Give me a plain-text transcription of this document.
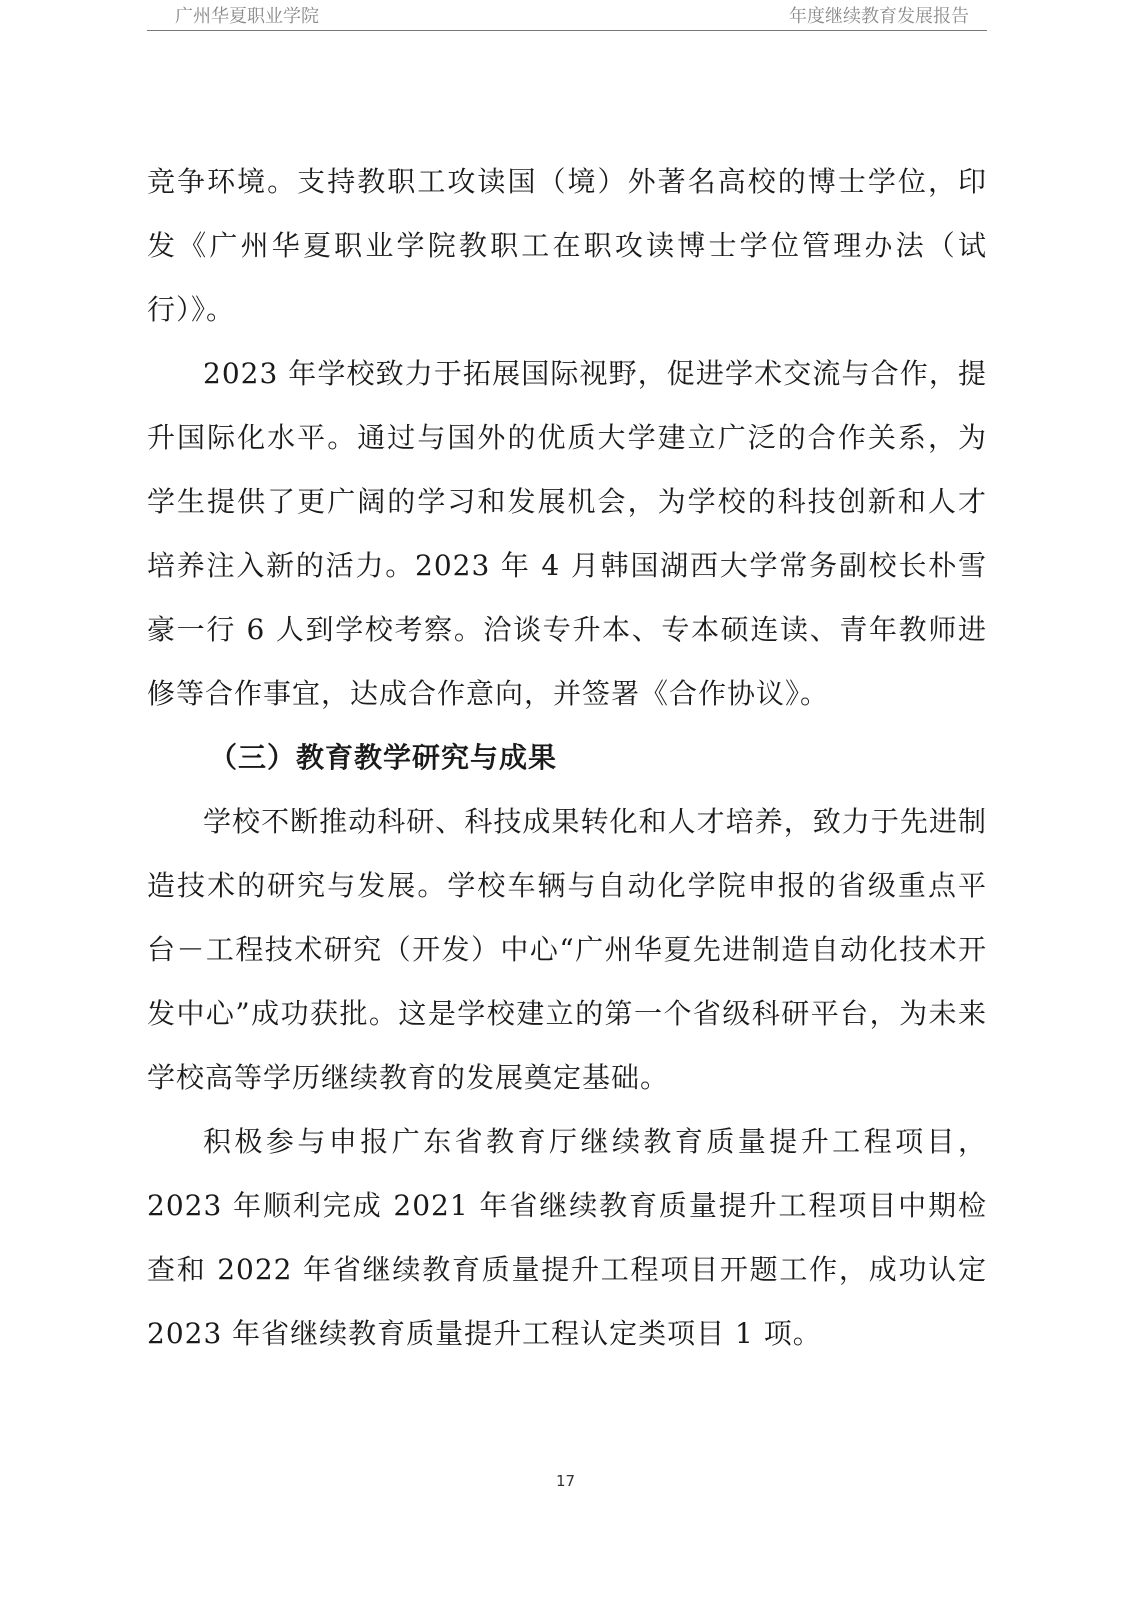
广州华夏职业学院	年度继续教育发展报告

竞争环境。支持教职工攻读国（境）外著名高校的博士学位，印发《广州华夏职业学院教职工在职攻读博士学位管理办法（试行）》。

2023 年学校致力于拓展国际视野，促进学术交流与合作，提升国际化水平。通过与国外的优质大学建立广泛的合作关系，为学生提供了更广阔的学习和发展机会，为学校的科技创新和人才培养注入新的活力。2023 年 4 月韩国湖西大学常务副校长朴雪豪一行 6 人到学校考察。洽谈专升本、专本硕连读、青年教师进修等合作事宜，达成合作意向，并签署《合作协议》。

（三）教育教学研究与成果

学校不断推动科研、科技成果转化和人才培养，致力于先进制造技术的研究与发展。学校车辆与自动化学院申报的省级重点平台－工程技术研究（开发）中心“广州华夏先进制造自动化技术开发中心”成功获批。这是学校建立的第一个省级科研平台，为未来学校高等学历继续教育的发展奠定基础。

积极参与申报广东省教育厅继续教育质量提升工程项目，2023 年顺利完成 2021 年省继续教育质量提升工程项目中期检查和 2022 年省继续教育质量提升工程项目开题工作，成功认定 2023 年省继续教育质量提升工程认定类项目 1 项。

17
